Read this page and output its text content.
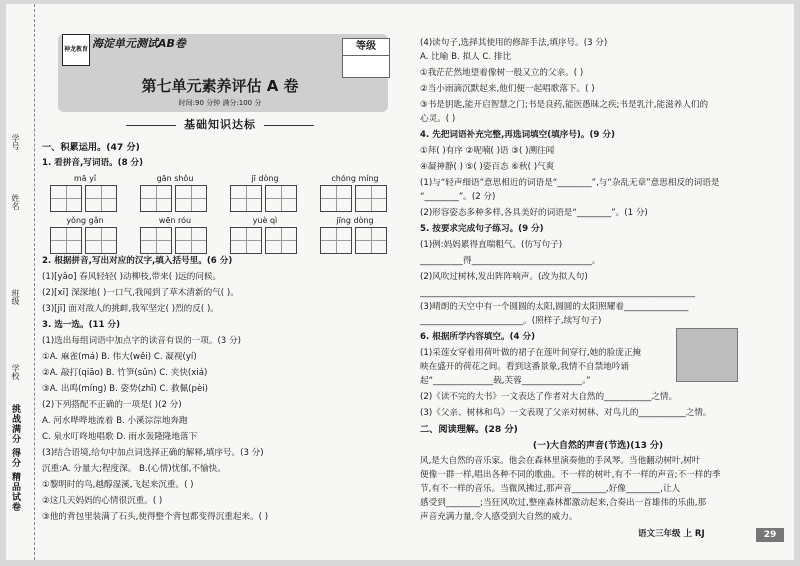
学号
姓名
班级
学校
挑战满分 得分 精品试卷
神龙教育 海淀单元测试AB卷	等级
第七单元素养评估 A 卷
时间:90 分钟 满分:100 分
基础知识达标
一、积累运用。(47 分)
1. 看拼音,写词语。(8 分)
2. 根据拼音,写出对应的汉字,填入括号里。(6 分)
(1)[yǎo] 春风轻轻( )动柳枝,带来( )远的问候。
(2)[xī] 深深地( )一口气,我闻到了草木清新的气( )。
(3)[jī] 面对敌人的挑衅,我军坚定( )烈的反( )。
3. 选一选。(11 分)
(1)选出每组词语中加点字的读音有误的一项。(3 分)
①A. 麻雀(má) B. 伟大(wěi) C. 凝视(yí)
②A. 敲打(qiāo) B. 竹笋(sǔn) C. 夹快(xiá)
③A. 出鸣(míng) B. 姿势(zhī) C. 救佩(pèi)
(2)下列搭配不正确的一项是( )(2 分)
A. 河水哗哗地流着 B. 小溪淙淙地奔跑
C. 泉水叮咚地唱歌 D. 雨水轰隆隆地落下
(3)结合语境,给句中加点词选择正确的解释,填序号。(3 分)
沉重:A. 分量大;程度深。 B.(心情)忧郁,不愉快。
①黎明时的鸟,越醇湿溪,飞起来沉重。( )
②这几天妈妈的心情很沉重。( )
③他的背包里装满了石头,使得整个背包都变得沉重起来。( )
mā yǐ	gān shǒu	jī dòng	chóng míng
yǒng gǎn	wēn róu	yuè qì	jīng dòng
(4)读句子,选择其使用的修辞手法,填序号。(3 分)
A. 比喻 B. 拟人 C. 排比
①我茫茫然地望着像树一般又立的父亲。( )
②当小雨滴沉默起来,他们便一起唱歌落下。( )
③书是钥匙,能开启智慧之门;书是良药,能医愚昧之疾;书是乳汁,能滋养人们的
心灵。( )
4. 先把词语补充完整,再选词填空(填序号)。(9 分)
①拜( )有序 ②呢喃( )语 ③( )溯往闻
④凝神静( ) ⑤( )姿百态 ⑥秋( )气爽
(1)与“轻声细语”意思相近的词语是“________”,与“杂乱无章”意思相反的词语是
“________”。(2 分)
(2)形容姿态多种多样,各具美好的词语是“________”。(1 分)
5. 按要求完成句子练习。(9 分)
(1)例:妈妈累得直喘粗气。(仿写句子)
__________得____________________________。
(2)风吹过树林,发出阵阵响声。(改为拟人句)
________________________________________________________________
(3)晴朗的天空中有一个圆圆的太阳,圆圆的太阳照耀着_______________
________________________。(照样子,续写句子)
6. 根据所学内容填空。(4 分)
(1)采莲女穿着用荷叶做的裙子在莲叶间穿行,她的脸庞正掩
映在盛开的荷花之间。看到这番景象,我情不自禁地吟诵
起“______________载,芙蓉______________。”
(2)《读不完的大书》一文表达了作者对大自然的___________之情。
(3)《父亲、树林和鸟》一文表现了父亲对树林、对鸟儿的___________之情。
二、阅读理解。(28 分)
风,是大自然的音乐家。他会在森林里演奏他的手风琴。当他翻动树叶,树叶
便像一群一样,唱出各种不同的歌曲。不一样的树叶,有不一样的声音;不一样的季
节,有不一样的音乐。当微风拂过,那声音________,好像________,让人
感受到________;当狂风吹过,整座森林都激动起来,合奏出一首雄伟的乐曲,那
声音充满力量,令人感受到大自然的威力。
(一)大自然的声音(节选)(13 分)
语文三年级 上 RJ	29
